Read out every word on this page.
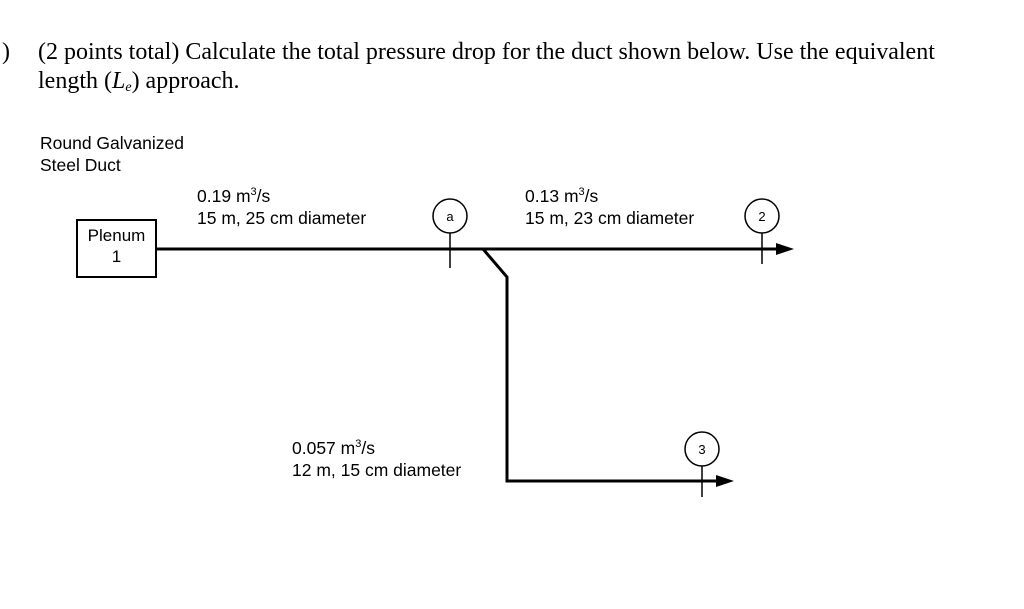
) (2 points total) Calculate the total pressure drop for the duct shown below. Use the equivalent length $(L_e)$ approach.
Round Galvanized
Steel Duct
Plenum
1
0.19 $m^3/s$
15 m, 25 cm diameter
0.13 $m^3/s$
15 m, 23 cm diameter
0.057 $m^3/s$
12 m, 15 cm diameter
a	2
3
